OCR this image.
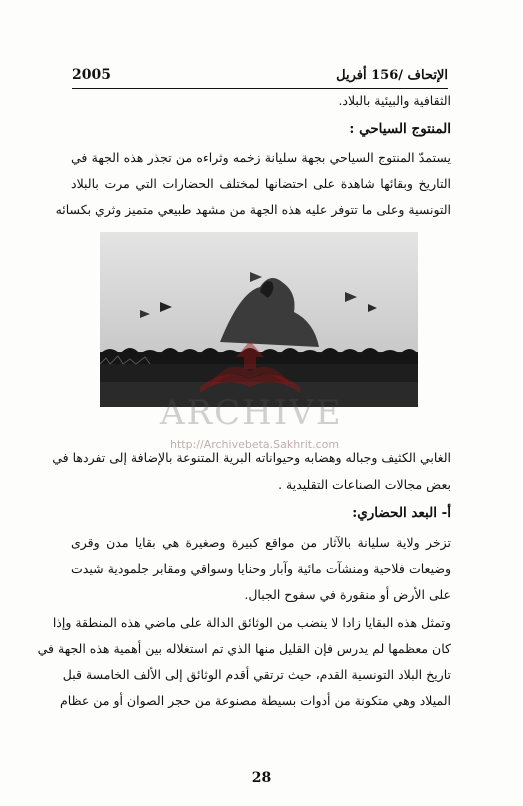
الإتحاف /156 أفريل
2005
الثقافية والبيئية بالبلاد.
المنتوج السياحي :
يستمدّ المنتوج السياحي بجهة سليانة زخمه وثراءه من تجذر هذه الجهة في
التاريخ وبقائها شاهدة على احتضانها لمختلف الحضارات التي مرت بالبلاد
التونسية وعلى ما تتوفر عليه هذه الجهة من مشهد طبيعي متميز وثري بكسائه
ARCHIVE
http://Archivebeta.Sakhrit.com
الغابي الكثيف وجباله وهضابه وحيواناته البرية المتنوعة بالإضافة إلى تفردها في
بعض مجالات الصناعات التقليدية .
أ- البعد الحضاري:
تزخر ولاية سليانة بالآثار من مواقع كبيرة وصغيرة هي بقايا مدن وقرى
وضيعات فلاحية ومنشآت مائية وآبار وحنايا وسواقي ومقابر جلمودية شيدت
على الأرض أو منقورة في سفوح الجبال.
وتمثل هذه البقايا زادا لا ينضب من الوثائق الدالة على ماضي هذه المنطقة وإذا
كان معظمها لم يدرس فإن القليل منها الذي تم استغلاله بين أهمية هذه الجهة في
تاريخ البلاد التونسية القدم، حيث ترتقي أقدم الوثائق إلى الألف الخامسة قبل
الميلاد وهي متكونة من أدوات بسيطة مصنوعة من حجر الصوان أو من عظام
28
